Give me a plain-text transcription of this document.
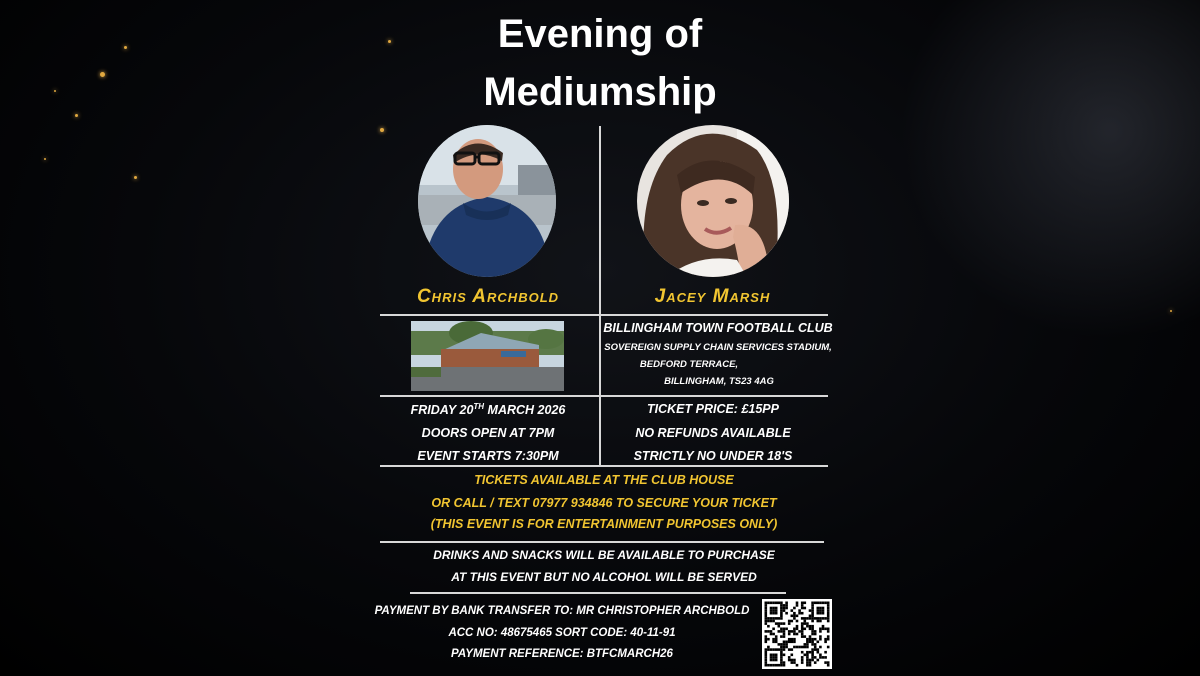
Evening of
Mediumship
Chris Archbold	Jacey Marsh
BILLINGHAM TOWN FOOTBALL CLUB
SOVEREIGN SUPPLY CHAIN SERVICES STADIUM,
BEDFORD TERRACE,
BILLINGHAM, TS23 4AG
FRIDAY 20TH MARCH 2026
DOORS OPEN AT 7PM
EVENT STARTS 7:30PM
TICKET PRICE: £15PP
NO REFUNDS AVAILABLE
STRICTLY NO UNDER 18'S
TICKETS AVAILABLE AT THE CLUB HOUSE
OR CALL / TEXT 07977 934846 TO SECURE YOUR TICKET
(THIS EVENT IS FOR ENTERTAINMENT PURPOSES ONLY)
DRINKS AND SNACKS WILL BE AVAILABLE TO PURCHASE
AT THIS EVENT BUT NO ALCOHOL WILL BE SERVED
PAYMENT BY BANK TRANSFER TO: MR CHRISTOPHER ARCHBOLD
ACC NO: 48675465 SORT CODE: 40-11-91
PAYMENT REFERENCE: BTFCMARCH26
